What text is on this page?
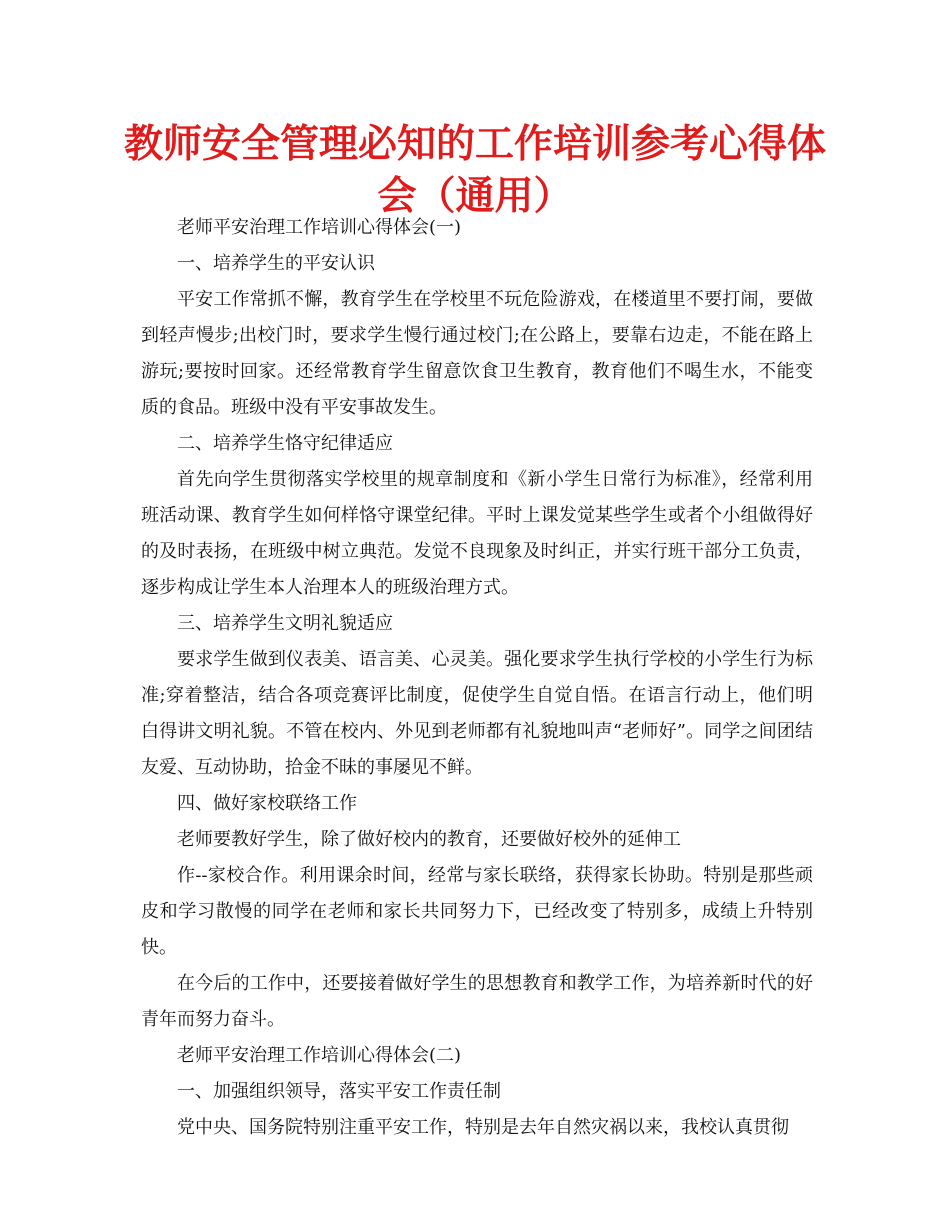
教师安全管理必知的工作培训参考心得体会（通用）

老师平安治理工作培训心得体会(一)

一、培养学生的平安认识

平安工作常抓不懈，教育学生在学校里不玩危险游戏，在楼道里不要打闹，要做到轻声慢步;出校门时，要求学生慢行通过校门;在公路上，要靠右边走，不能在路上游玩;要按时回家。还经常教育学生留意饮食卫生教育，教育他们不喝生水，不能变质的食品。班级中没有平安事故发生。

二、培养学生恪守纪律适应

首先向学生贯彻落实学校里的规章制度和《新小学生日常行为标准》，经常利用班活动课、教育学生如何样恪守课堂纪律。平时上课发觉某些学生或者个小组做得好的及时表扬，在班级中树立典范。发觉不良现象及时纠正，并实行班干部分工负责，逐步构成让学生本人治理本人的班级治理方式。

三、培养学生文明礼貌适应

要求学生做到仪表美、语言美、心灵美。强化要求学生执行学校的小学生行为标准;穿着整洁，结合各项竞赛评比制度，促使学生自觉自悟。在语言行动上，他们明白得讲文明礼貌。不管在校内、外见到老师都有礼貌地叫声“老师好”。同学之间团结友爱、互动协助，拾金不昧的事屡见不鲜。

四、做好家校联络工作

老师要教好学生，除了做好校内的教育，还要做好校外的延伸工

作--家校合作。利用课余时间，经常与家长联络，获得家长协助。特别是那些顽皮和学习散慢的同学在老师和家长共同努力下，已经改变了特别多，成绩上升特别快。

在今后的工作中，还要接着做好学生的思想教育和教学工作，为培养新时代的好青年而努力奋斗。

老师平安治理工作培训心得体会(二)

一、加强组织领导，落实平安工作责任制

党中央、国务院特别注重平安工作，特别是去年自然灾祸以来，我校认真贯彻
